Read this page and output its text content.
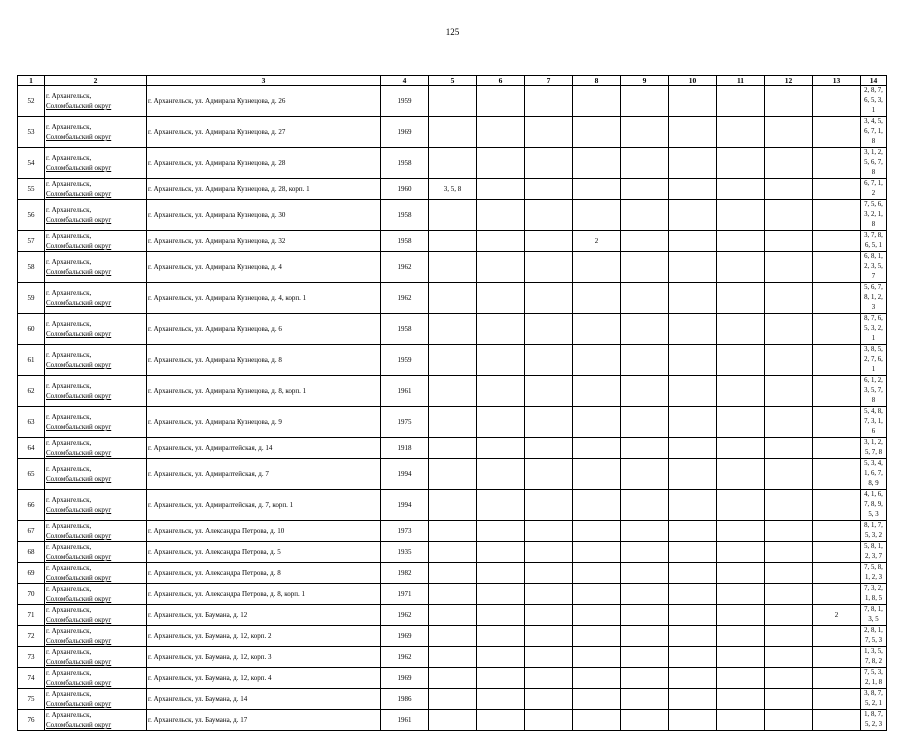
125
1	2	3	4	5	6	7	8	9	10	11	12	13	14
52	г. Архангельск,
Соломбальский округ	г. Архангельск, ул. Адмирала Кузнецова, д. 26	1959										2, 8, 7, 6, 5, 3, 1
53	г. Архангельск,
Соломбальский округ	г. Архангельск, ул. Адмирала Кузнецова, д. 27	1969										3, 4, 5, 6, 7, 1, 8
54	г. Архангельск,
Соломбальский округ	г. Архангельск, ул. Адмирала Кузнецова, д. 28	1958										3, 1, 2, 5, 6, 7, 8
55	г. Архангельск,
Соломбальский округ	г. Архангельск, ул. Адмирала Кузнецова, д. 28, корп. 1	1960	3, 5, 8									6, 7, 1, 2
56	г. Архангельск,
Соломбальский округ	г. Архангельск, ул. Адмирала Кузнецова, д. 30	1958										7, 5, 6, 3, 2, 1, 8
57	г. Архангельск,
Соломбальский округ	г. Архангельск, ул. Адмирала Кузнецова, д. 32	1958				2						3, 7, 8, 6, 5, 1
58	г. Архангельск,
Соломбальский округ	г. Архангельск, ул. Адмирала Кузнецова, д. 4	1962										6, 8, 1, 2, 3, 5, 7
59	г. Архангельск,
Соломбальский округ	г. Архангельск, ул. Адмирала Кузнецова, д. 4, корп. 1	1962										5, 6, 7, 8, 1, 2, 3
60	г. Архангельск,
Соломбальский округ	г. Архангельск, ул. Адмирала Кузнецова, д. 6	1958										8, 7, 6, 5, 3, 2, 1
61	г. Архангельск,
Соломбальский округ	г. Архангельск, ул. Адмирала Кузнецова, д. 8	1959										3, 8, 5, 2, 7, 6, 1
62	г. Архангельск,
Соломбальский округ	г. Архангельск, ул. Адмирала Кузнецова, д. 8, корп. 1	1961										6, 1, 2, 3, 5, 7, 8
63	г. Архангельск,
Соломбальский округ	г. Архангельск, ул. Адмирала Кузнецова, д. 9	1975										5, 4, 8, 7, 3, 1, 6
64	г. Архангельск,
Соломбальский округ	г. Архангельск, ул. Адмиралтейская, д. 14	1918										3, 1, 2, 5, 7, 8
65	г. Архангельск,
Соломбальский округ	г. Архангельск, ул. Адмиралтейская, д. 7	1994										5, 3, 4, 1, 6, 7, 8, 9
66	г. Архангельск,
Соломбальский округ	г. Архангельск, ул. Адмиралтейская, д. 7, корп. 1	1994										4, 1, 6, 7, 8, 9, 5, 3
67	г. Архангельск,
Соломбальский округ	г. Архангельск, ул. Александра Петрова, д. 10	1973										8, 1, 7, 5, 3, 2
68	г. Архангельск,
Соломбальский округ	г. Архангельск, ул. Александра Петрова, д. 5	1935										5, 8, 1, 2, 3, 7
69	г. Архангельск,
Соломбальский округ	г. Архангельск, ул. Александра Петрова, д. 8	1982										7, 5, 8, 1, 2, 3
70	г. Архангельск,
Соломбальский округ	г. Архангельск, ул. Александра Петрова, д. 8, корп. 1	1971										7, 3, 2, 1, 8, 5
71	г. Архангельск,
Соломбальский округ	г. Архангельск, ул. Баумана, д. 12	1962									2	7, 8, 1, 3, 5
72	г. Архангельск,
Соломбальский округ	г. Архангельск, ул. Баумана, д. 12, корп. 2	1969										2, 8, 1, 7, 5, 3
73	г. Архангельск,
Соломбальский округ	г. Архангельск, ул. Баумана, д. 12, корп. 3	1962										1, 3, 5, 7, 8, 2
74	г. Архангельск,
Соломбальский округ	г. Архангельск, ул. Баумана, д. 12, корп. 4	1969										7, 5, 3, 2, 1, 8
75	г. Архангельск,
Соломбальский округ	г. Архангельск, ул. Баумана, д. 14	1986										3, 8, 7, 5, 2, 1
76	г. Архангельск,
Соломбальский округ	г. Архангельск, ул. Баумана, д. 17	1961										1, 8, 7, 5, 2, 3
